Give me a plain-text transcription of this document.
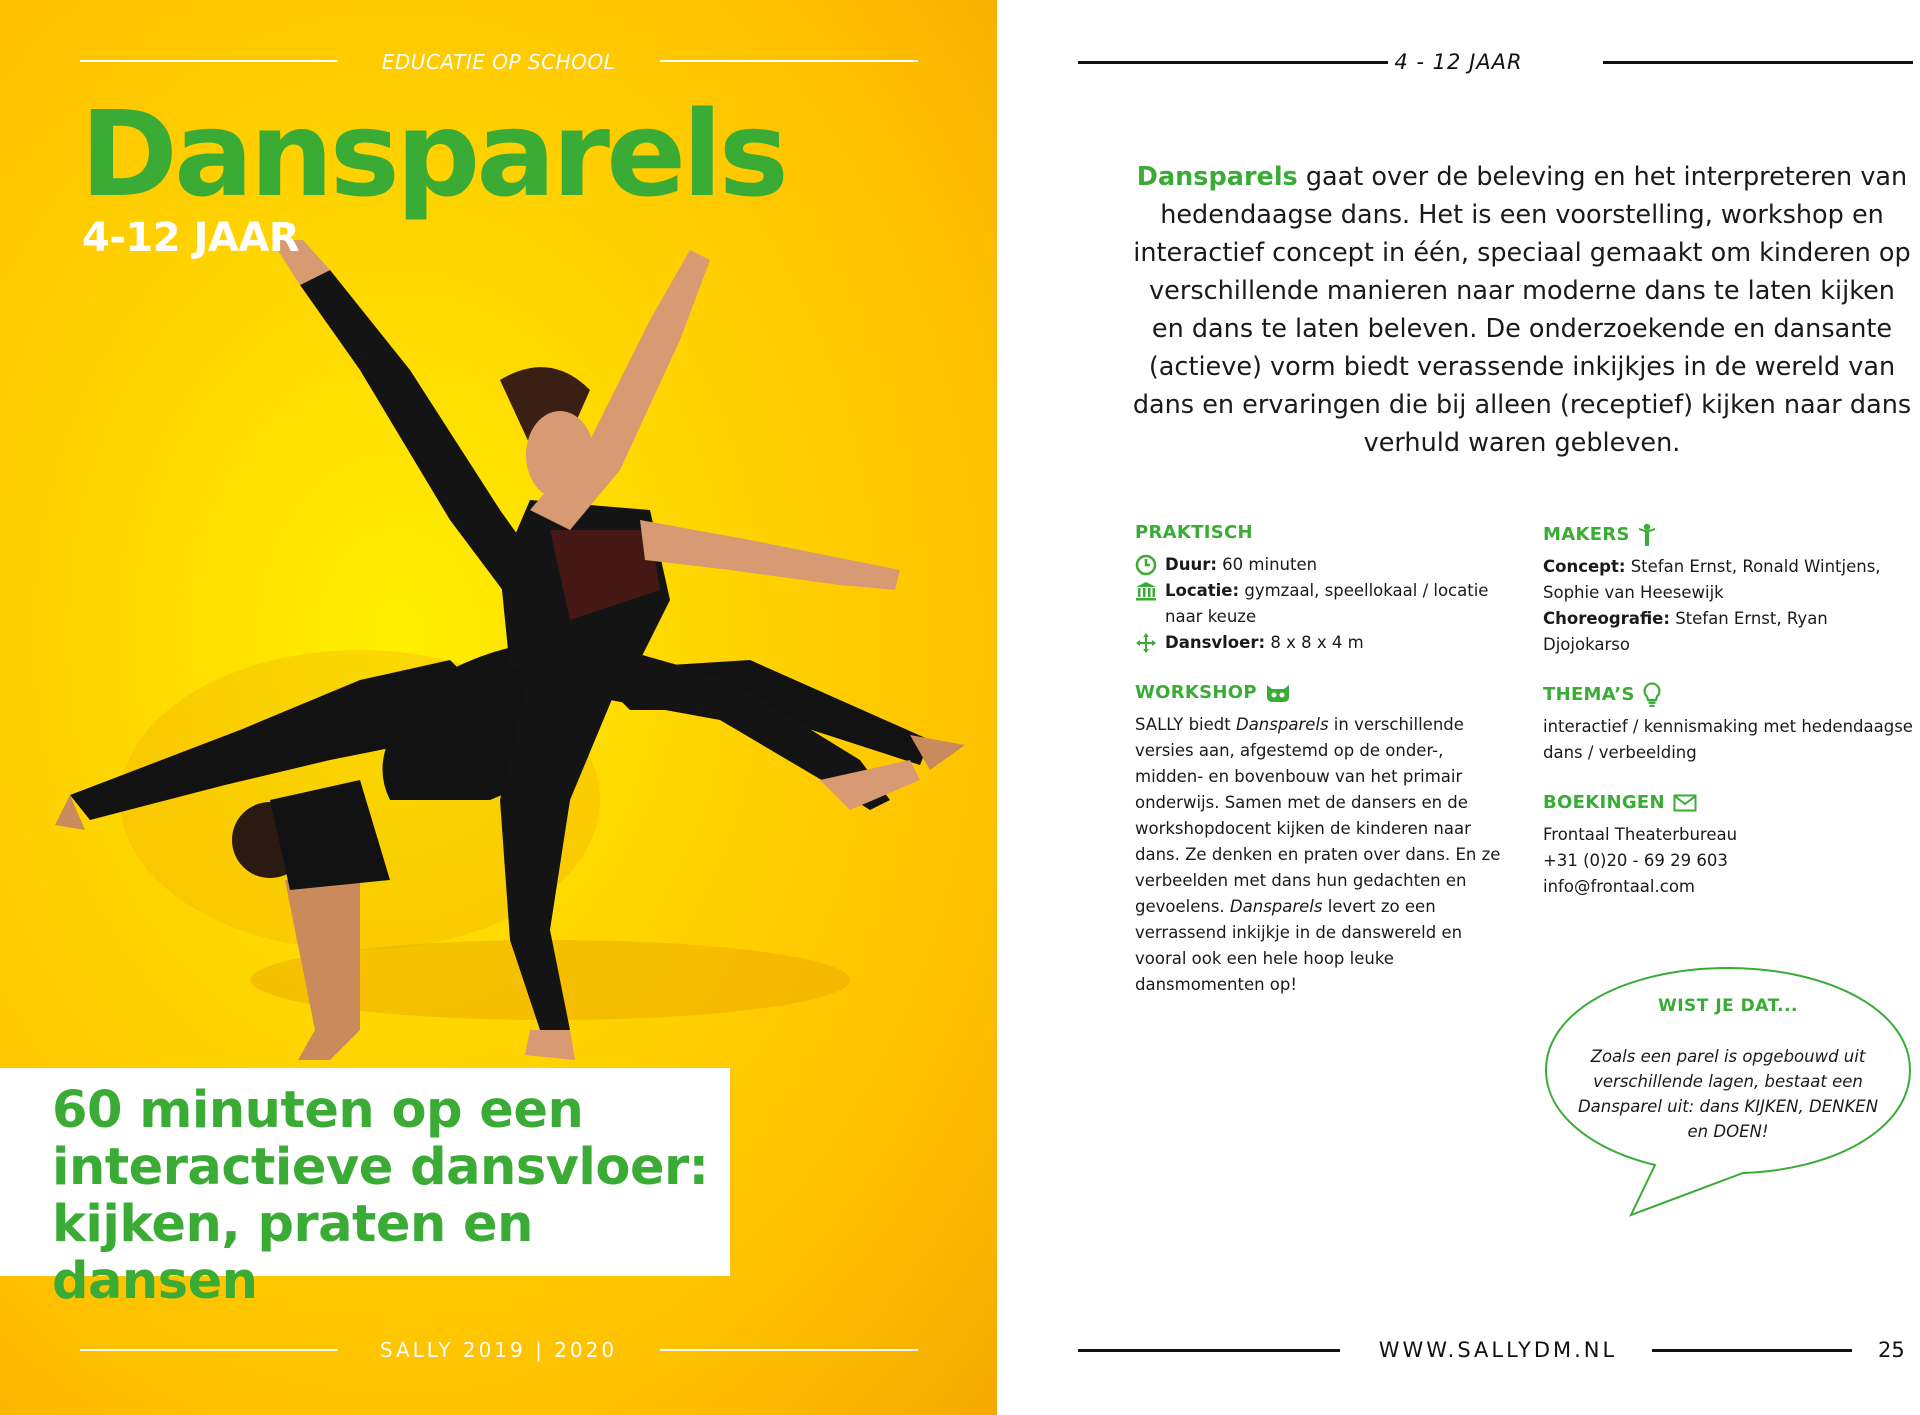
EDUCATIE OP SCHOOL
Dansparels
4-12 JAAR
60 minuten op een interactieve dansvloer: kijken, praten en dansen
SALLY 2019 | 2020
4 - 12 JAAR

Dansparels gaat over de beleving en het interpreteren van hedendaagse dans. Het is een voorstelling, workshop en interactief concept in één, speciaal gemaakt om kinderen op verschillende manieren naar moderne dans te laten kijken en dans te laten beleven. De onderzoekende en dansante (actieve) vorm biedt verassende inkijkjes in de wereld van dans en ervaringen die bij alleen (receptief) kijken naar dans verhuld waren gebleven.

PRAKTISCH
Duur: 60 minuten
Locatie: gymzaal, speellokaal / locatie naar keuze
Dansvloer: 8 x 8 x 4 m
WORKSHOP
SALLY biedt Dansparels in verschillende versies aan, afgestemd op de onder-, midden- en bovenbouw van het primair onderwijs. Samen met de dansers en de workshopdocent kijken de kinderen naar dans. Ze denken en praten over dans. En ze verbeelden met dans hun gedachten en gevoelens. Dansparels levert zo een verrassend inkijkje in de danswereld en vooral ook een hele hoop leuke dansmomenten op!
MAKERS
Concept: Stefan Ernst, Ronald Wintjens, Sophie van Heesewijk
Choreografie: Stefan Ernst, Ryan Djojokarso
THEMA’S
interactief / kennismaking met hedendaagse dans / verbeelding
BOEKINGEN
Frontaal Theaterbureau
+31 (0)20 - 69 29 603
info@frontaal.com
WIST JE DAT...
Zoals een parel is opgebouwd uit verschillende lagen, bestaat een Dansparel uit: dans KIJKEN, DENKEN en DOEN!
WWW.SALLYDM.NL	25
